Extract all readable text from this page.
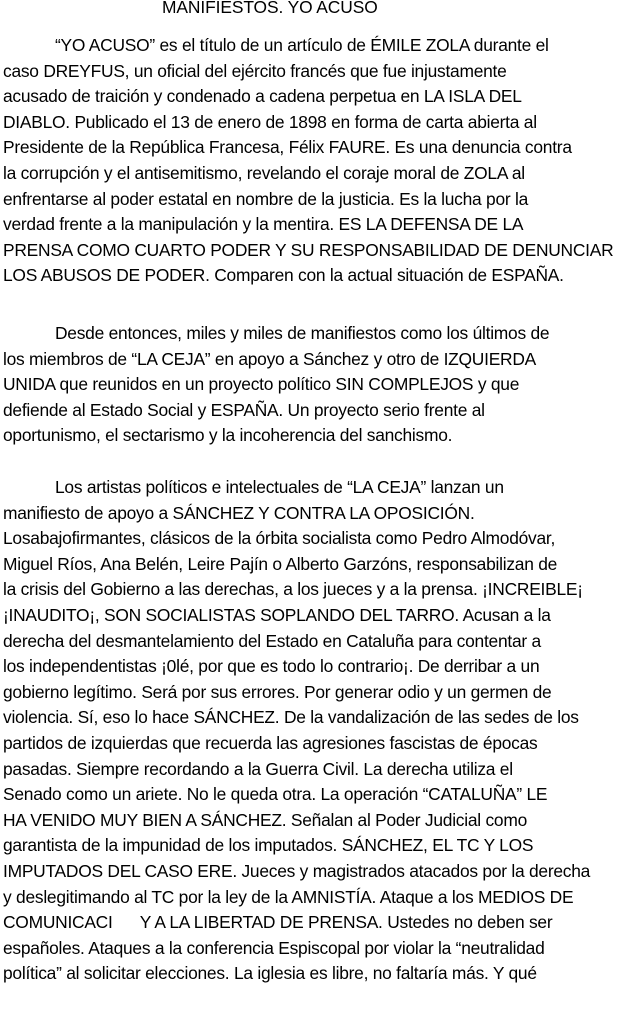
MANIFIESTOS. YO ACUSO
“YO ACUSO” es el título de un artículo de ÉMILE ZOLA durante el
caso DREYFUS, un oficial del ejército francés que fue injustamente
acusado de traición y condenado a cadena perpetua en LA ISLA DEL
DIABLO. Publicado el 13 de enero de 1898 en forma de carta abierta al
Presidente de la República Francesa, Félix FAURE. Es una denuncia contra
la corrupción y el antisemitismo, revelando el coraje moral de ZOLA al
enfrentarse al poder estatal en nombre de la justicia. Es la lucha por la
verdad frente a la manipulación y la mentira. ES LA DEFENSA DE LA
PRENSA COMO CUARTO PODER Y SU RESPONSABILIDAD DE DENUNCIAR
LOS ABUSOS DE PODER. Comparen con la actual situación de ESPAÑA.
Desde entonces, miles y miles de manifiestos como los últimos de
los miembros de “LA CEJA” en apoyo a Sánchez y otro de IZQUIERDA
UNIDA que reunidos en un proyecto político SIN COMPLEJOS y que
defiende al Estado Social y ESPAÑA. Un proyecto serio frente al
oportunismo, el sectarismo y la incoherencia del sanchismo.
Los artistas políticos e intelectuales de “LA CEJA” lanzan un
manifiesto de apoyo a SÁNCHEZ Y CONTRA LA OPOSICIÓN.
Losabajofirmantes, clásicos de la órbita socialista como Pedro Almodóvar,
Miguel Ríos, Ana Belén, Leire Pajín o Alberto Garzóns, responsabilizan de
la crisis del Gobierno a las derechas, a los jueces y a la prensa. ¡INCREIBLE¡
¡INAUDITO¡, SON SOCIALISTAS SOPLANDO DEL TARRO. Acusan a la
derecha del desmantelamiento del Estado en Cataluña para contentar a
los independentistas ¡0lé, por que es todo lo contrario¡. De derribar a un
gobierno legítimo. Será por sus errores. Por generar odio y un germen de
violencia. Sí, eso lo hace SÁNCHEZ. De la vandalización de las sedes de los
partidos de izquierdas que recuerda las agresiones fascistas de épocas
pasadas. Siempre recordando a la Guerra Civil. La derecha utiliza el
Senado como un ariete. No le queda otra. La operación “CATALUÑA” LE
HA VENIDO MUY BIEN A SÁNCHEZ. Señalan al Poder Judicial como
garantista de la impunidad de los imputados. SÁNCHEZ, EL TC Y LOS
IMPUTADOS DEL CASO ERE. Jueces y magistrados atacados por la derecha
y deslegitimando al TC por la ley de la AMNISTÍA. Ataque a los MEDIOS DE
COMUNICACI      Y A LA LIBERTAD DE PRENSA. Ustedes no deben ser
españoles. Ataques a la conferencia Espiscopal por violar la “neutralidad
política” al solicitar elecciones. La iglesia es libre, no faltaría más. Y qué
